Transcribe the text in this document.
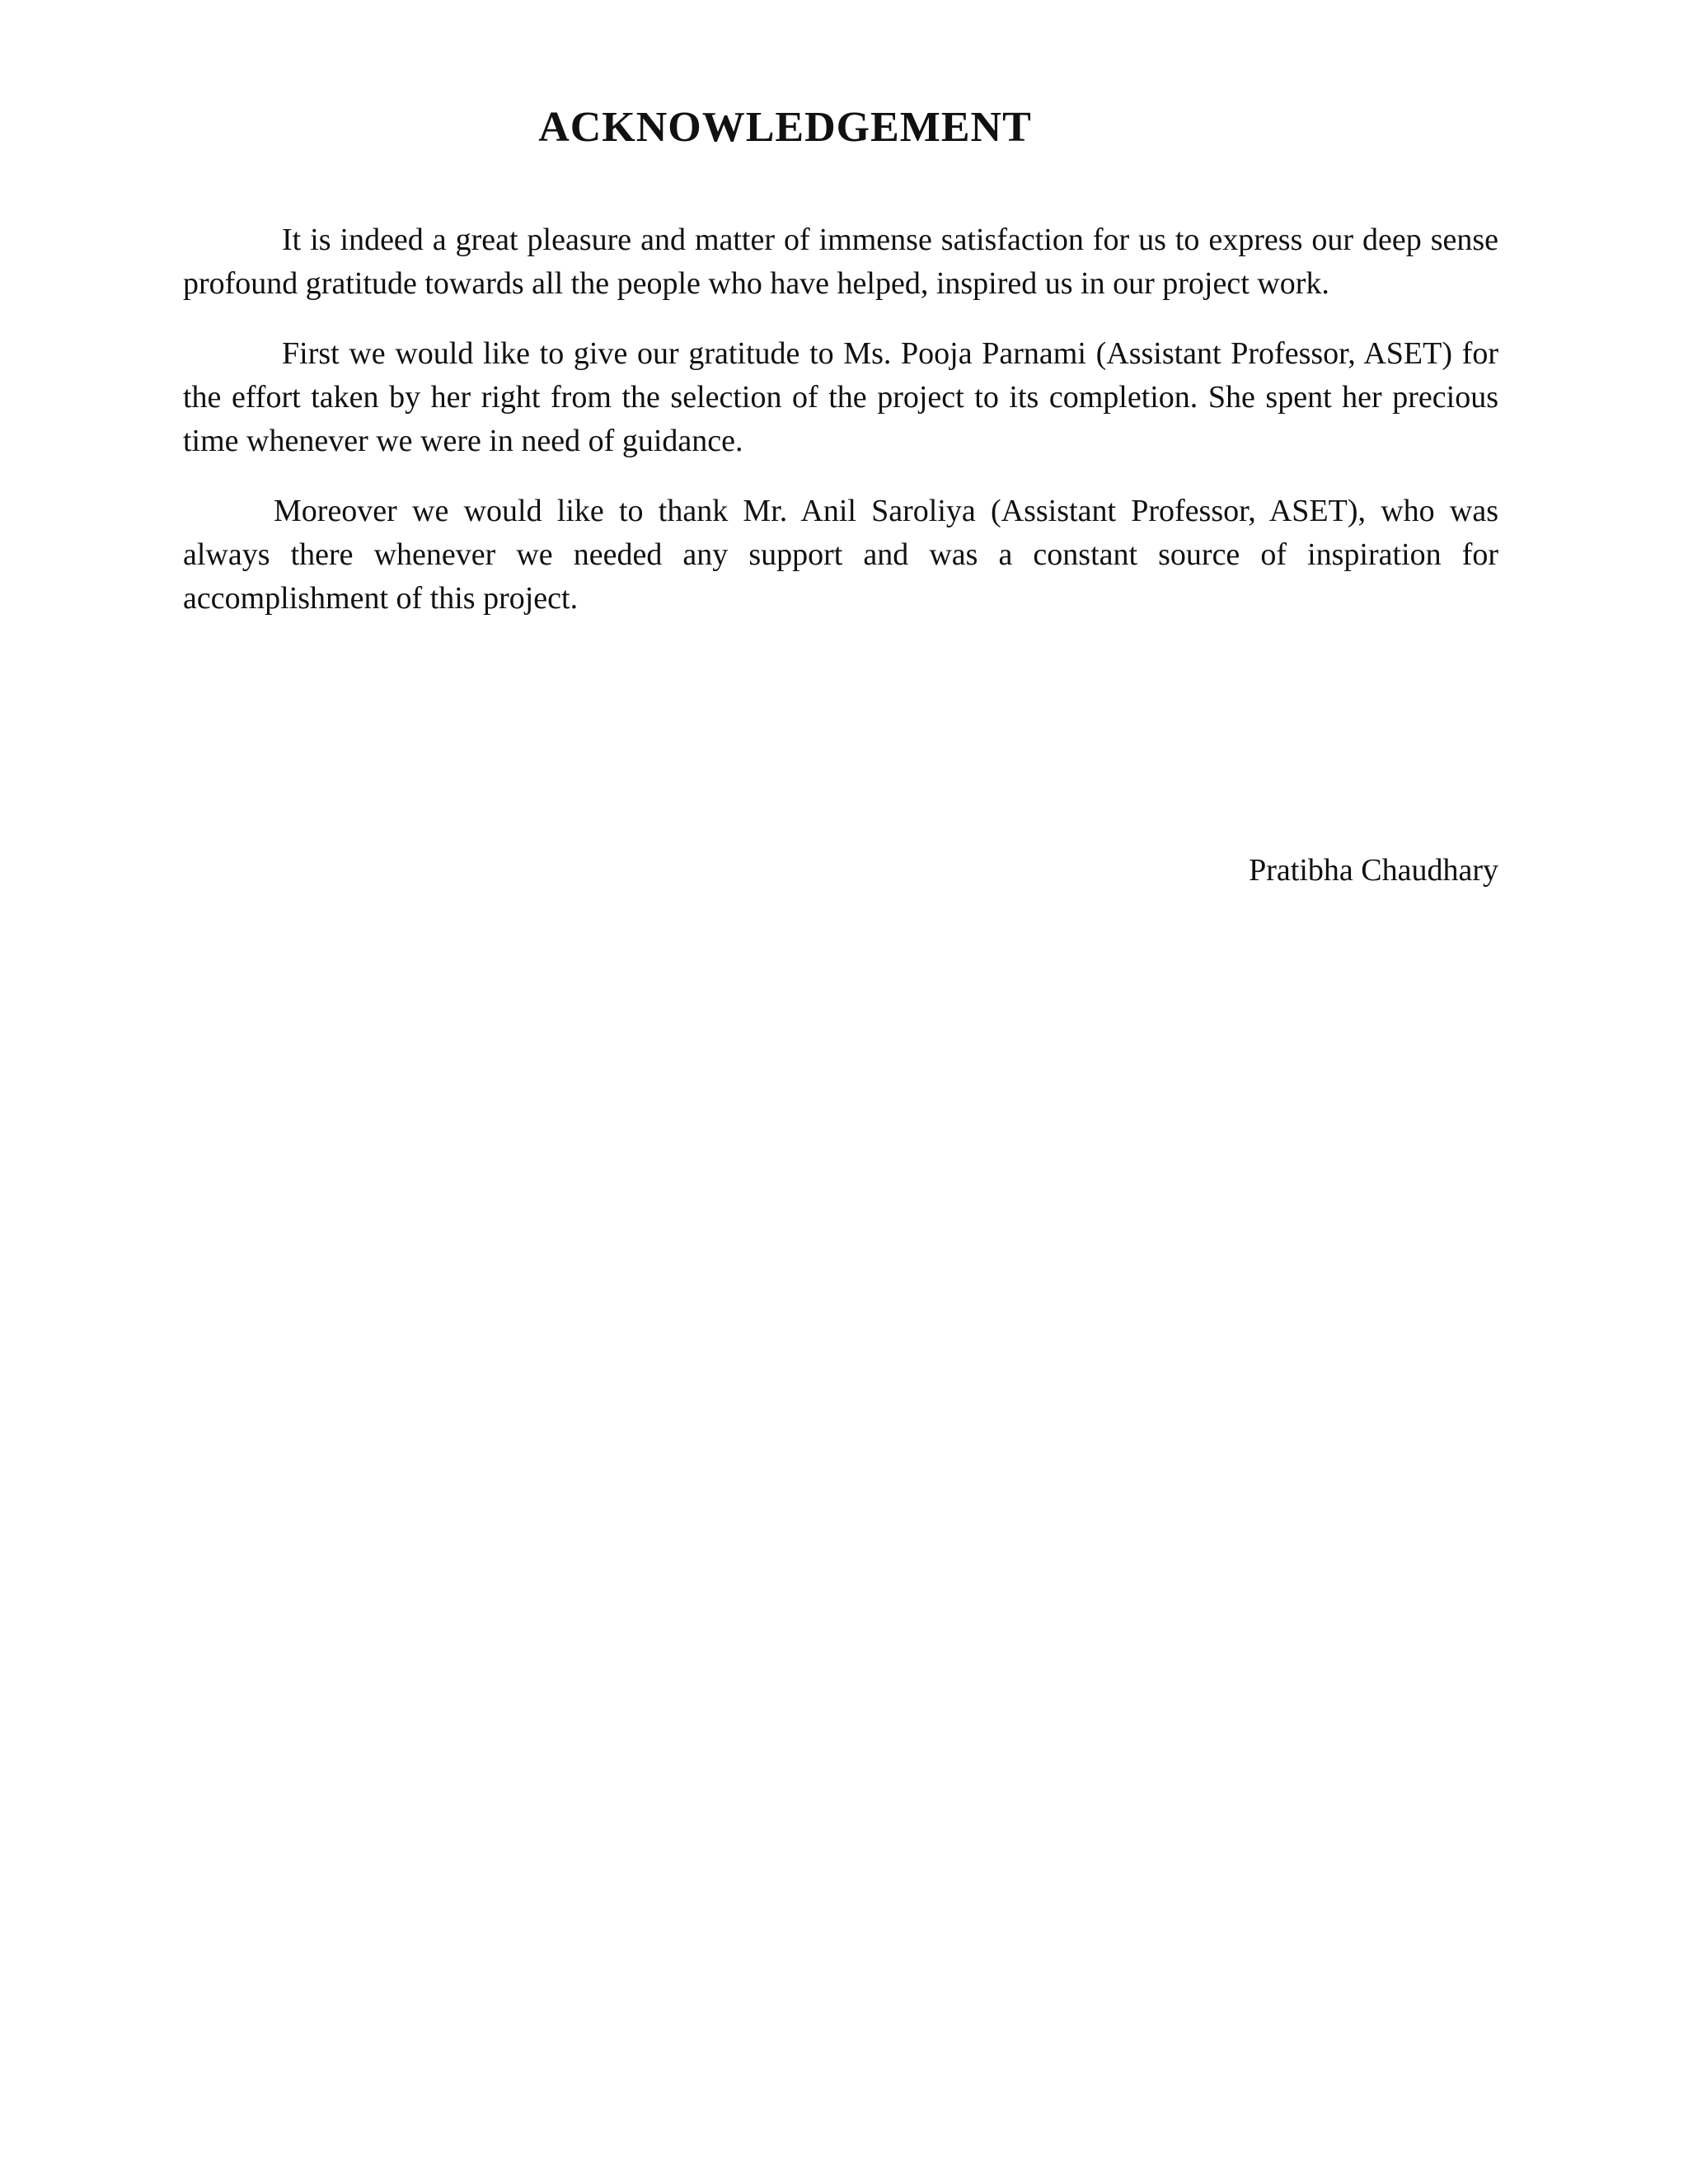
ACKNOWLEDGEMENT

It is indeed a great pleasure and matter of immense satisfaction for us to express our deep sense profound gratitude towards all the people who have helped, inspired us in our project work.

First we would like to give our gratitude to Ms. Pooja Parnami (Assistant Professor, ASET) for the effort taken by her right from the selection of the project to its completion. She spent her precious time whenever we were in need of guidance.

Moreover we would like to thank Mr. Anil Saroliya (Assistant Professor, ASET), who was always there whenever we needed any support and was a constant source of inspiration for accomplishment of this project.

Pratibha Chaudhary
